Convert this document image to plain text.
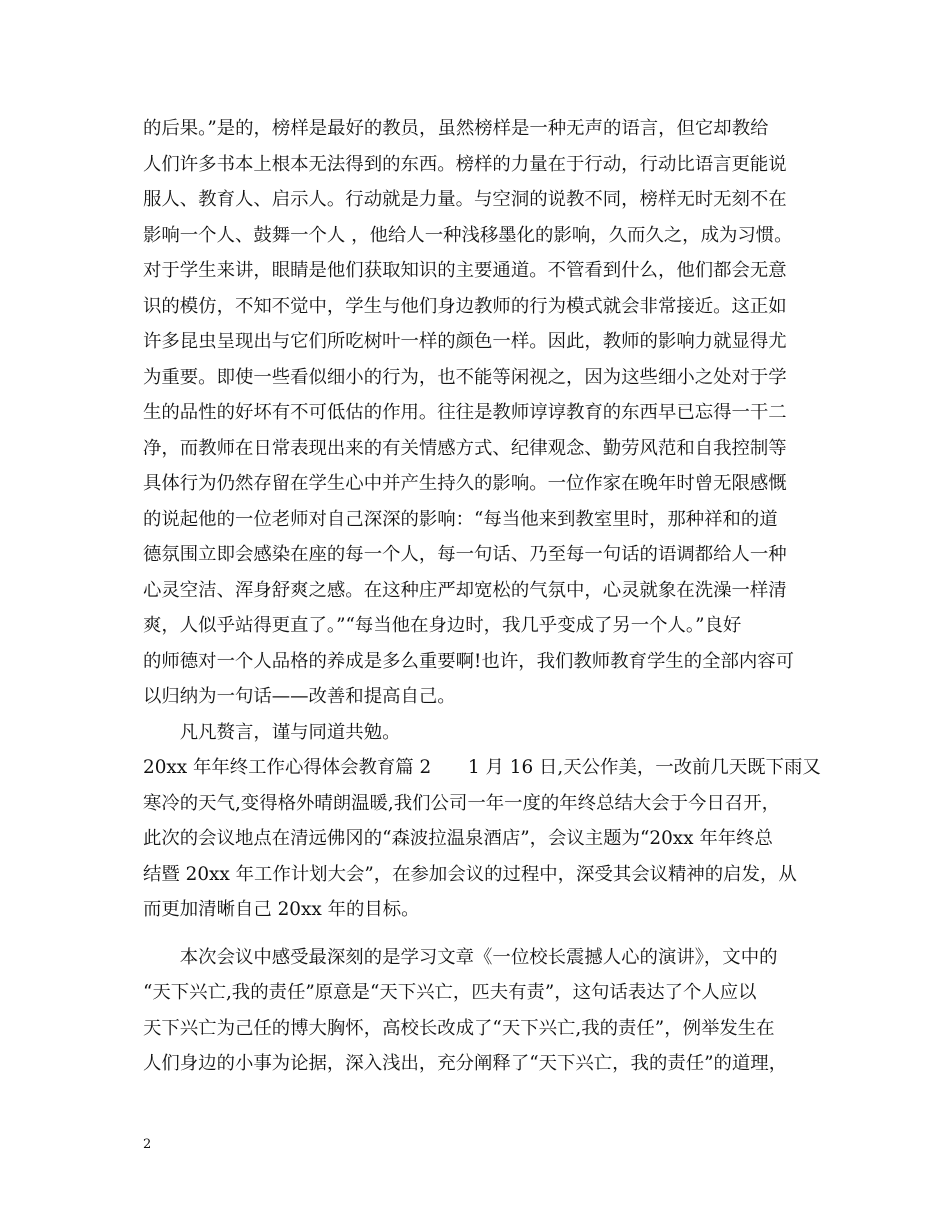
的后果。”是的，榜样是最好的教员，虽然榜样是一种无声的语言，但它却教给
人们许多书本上根本无法得到的东西。榜样的力量在于行动，行动比语言更能说
服人、教育人、启示人。行动就是力量。与空洞的说教不同，榜样无时无刻不在
影响一个人、鼓舞一个人 ，他给人一种浅移墨化的影响，久而久之，成为习惯。
对于学生来讲，眼睛是他们获取知识的主要通道。不管看到什么，他们都会无意
识的模仿，不知不觉中，学生与他们身边教师的行为模式就会非常接近。这正如
许多昆虫呈现出与它们所吃树叶一样的颜色一样。因此，教师的影响力就显得尤
为重要。即使一些看似细小的行为，也不能等闲视之，因为这些细小之处对于学
生的品性的好坏有不可低估的作用。往往是教师谆谆教育的东西早已忘得一干二
净，而教师在日常表现出来的有关情感方式、纪律观念、勤劳风范和自我控制等
具体行为仍然存留在学生心中并产生持久的影响。一位作家在晚年时曾无限感慨
的说起他的一位老师对自己深深的影响：“每当他来到教室里时，那种祥和的道
德氛围立即会感染在座的每一个人，每一句话、乃至每一句话的语调都给人一种
心灵空洁、浑身舒爽之感。在这种庄严却宽松的气氛中，心灵就象在洗澡一样清
爽，人似乎站得更直了。”“每当他在身边时，我几乎变成了另一个人。”良好
的师德对一个人品格的养成是多么重要啊!也许，我们教师教育学生的全部内容可
以归纳为一句话——改善和提高自己。
　　凡凡赘言，谨与同道共勉。
20xx 年年终工作心得体会教育篇 2　　1 月 16 日,天公作美，一改前几天既下雨又
寒冷的天气,变得格外晴朗温暖,我们公司一年一度的年终总结大会于今日召开，
此次的会议地点在清远佛冈的“森波拉温泉酒店”，会议主题为“20xx 年年终总
结暨 20xx 年工作计划大会”，在参加会议的过程中，深受其会议精神的启发，从
而更加清晰自己 20xx 年的目标。
　　本次会议中感受最深刻的是学习文章《一位校长震撼人心的演讲》，文中的
“天下兴亡,我的责任”原意是“天下兴亡，匹夫有责”，这句话表达了个人应以
天下兴亡为己任的博大胸怀，高校长改成了“天下兴亡,我的责任”，例举发生在
人们身边的小事为论据，深入浅出，充分阐释了“天下兴亡，我的责任”的道理，
2
